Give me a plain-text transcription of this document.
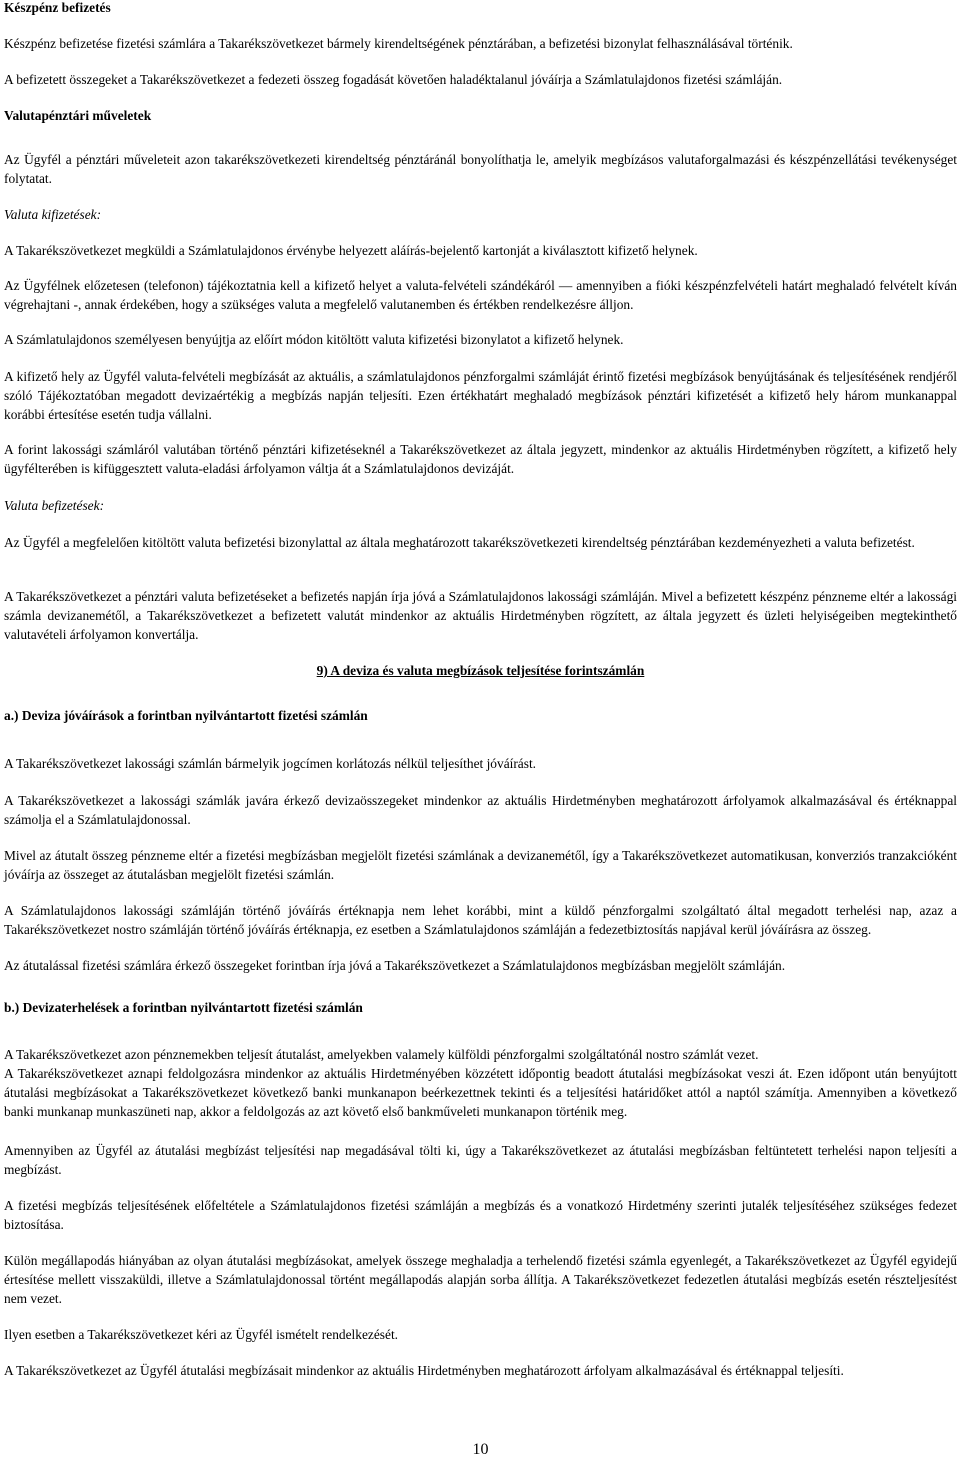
Készpénz befizetés

Készpénz befizetése fizetési számlára a Takarékszövetkezet bármely kirendeltségének pénztárában, a befizetési bizonylat felhasználásával történik.

A befizetett összegeket a Takarékszövetkezet a fedezeti összeg fogadását követően haladéktalanul jóváírja a Számlatulajdonos fizetési számláján.

Valutapénztári műveletek

Az Ügyfél a pénztári műveleteit azon takarékszövetkezeti kirendeltség pénztáránál bonyolíthatja le, amelyik megbízásos valutaforgalmazási és készpénzellátási tevékenységet folytatat.

Valuta kifizetések:

A Takarékszövetkezet megküldi a Számlatulajdonos érvénybe helyezett aláírás-bejelentő kartonját a kiválasztott kifizető helynek.

Az Ügyfélnek előzetesen (telefonon) tájékoztatnia kell a kifizető helyet a valuta-felvételi szándékáról ― amennyiben a fióki készpénzfelvételi határt meghaladó felvételt kíván végrehajtani -, annak érdekében, hogy a szükséges valuta a megfelelő valutanemben és értékben rendelkezésre álljon.

A Számlatulajdonos személyesen benyújtja az előírt módon kitöltött valuta kifizetési bizonylatot a kifizető helynek.

A kifizető hely az Ügyfél valuta-felvételi megbízását az aktuális, a számlatulajdonos pénzforgalmi számláját érintő fizetési megbízások benyújtásának és teljesítésének rendjéről szóló Tájékoztatóban megadott devizaértékig a megbízás napján teljesíti. Ezen értékhatárt meghaladó megbízások pénztári kifizetését a kifizető hely három munkanappal korábbi értesítése esetén tudja vállalni.

A forint lakossági számláról valutában történő pénztári kifizetéseknél a Takarékszövetkezet az általa jegyzett, mindenkor az aktuális Hirdetményben rögzített, a kifizető hely ügyfélterében is kifüggesztett valuta-eladási árfolyamon váltja át a Számlatulajdonos devizáját.

Valuta befizetések:

Az Ügyfél a megfelelően kitöltött valuta befizetési bizonylattal az általa meghatározott takarékszövetkezeti kirendeltség pénztárában kezdeményezheti a valuta befizetést.

A Takarékszövetkezet a pénztári valuta befizetéseket a befizetés napján írja jóvá a Számlatulajdonos lakossági számláján. Mivel a befizetett készpénz pénzneme eltér a lakossági számla devizanemétől, a Takarékszövetkezet a befizetett valutát mindenkor az aktuális Hirdetményben rögzített, az általa jegyzett és üzleti helyiségeiben megtekinthető valutavételi árfolyamon konvertálja.

9) A deviza és valuta megbízások teljesítése forintszámlán

a.) Deviza jóváírások a forintban nyilvántartott fizetési számlán

A Takarékszövetkezet lakossági számlán bármelyik jogcímen korlátozás nélkül teljesíthet jóváírást.

A Takarékszövetkezet a lakossági számlák javára érkező devizaösszegeket mindenkor az aktuális Hirdetményben meghatározott árfolyamok alkalmazásával és értéknappal számolja el a Számlatulajdonossal.

Mivel az átutalt összeg pénzneme eltér a fizetési megbízásban megjelölt fizetési számlának a devizanemétől, így a Takarékszövetkezet automatikusan, konverziós tranzakcióként jóváírja az összeget az átutalásban megjelölt fizetési számlán.

A Számlatulajdonos lakossági számláján történő jóváírás értéknapja nem lehet korábbi, mint a küldő pénzforgalmi szolgáltató által megadott terhelési nap, azaz a Takarékszövetkezet nostro számláján történő jóváírás értéknapja, ez esetben a Számlatulajdonos számláján a fedezetbiztosítás napjával kerül jóváírásra az összeg.

Az átutalással fizetési számlára érkező összegeket forintban írja jóvá a Takarékszövetkezet a Számlatulajdonos megbízásban megjelölt számláján.

b.) Devizaterhelések a forintban nyilvántartott fizetési számlán

A Takarékszövetkezet azon pénznemekben teljesít átutalást, amelyekben valamely külföldi pénzforgalmi szolgáltatónál nostro számlát vezet.

A Takarékszövetkezet aznapi feldolgozásra mindenkor az aktuális Hirdetményében közzétett időpontig beadott átutalási megbízásokat veszi át. Ezen időpont után benyújtott átutalási megbízásokat a Takarékszövetkezet következő banki munkanapon beérkezettnek tekinti és a teljesítési határidőket attól a naptól számítja. Amennyiben a következő banki munkanap munkaszüneti nap, akkor a feldolgozás az azt követő első bankműveleti munkanapon történik meg.

Amennyiben az Ügyfél az átutalási megbízást teljesítési nap megadásával tölti ki, úgy a Takarékszövetkezet az átutalási megbízásban feltüntetett terhelési napon teljesíti a megbízást.

A fizetési megbízás teljesítésének előfeltétele a Számlatulajdonos fizetési számláján a megbízás és a vonatkozó Hirdetmény szerinti jutalék teljesítéséhez szükséges fedezet biztosítása.

Külön megállapodás hiányában az olyan átutalási megbízásokat, amelyek összege meghaladja a terhelendő fizetési számla egyenlegét, a Takarékszövetkezet az Ügyfél egyidejű értesítése mellett visszaküldi, illetve a Számlatulajdonossal történt megállapodás alapján sorba állítja. A Takarékszövetkezet fedezetlen átutalási megbízás esetén részteljesítést nem vezet.

Ilyen esetben a Takarékszövetkezet kéri az Ügyfél ismételt rendelkezését.

A Takarékszövetkezet az Ügyfél átutalási megbízásait mindenkor az aktuális Hirdetményben meghatározott árfolyam alkalmazásával és értéknappal teljesíti.

10
